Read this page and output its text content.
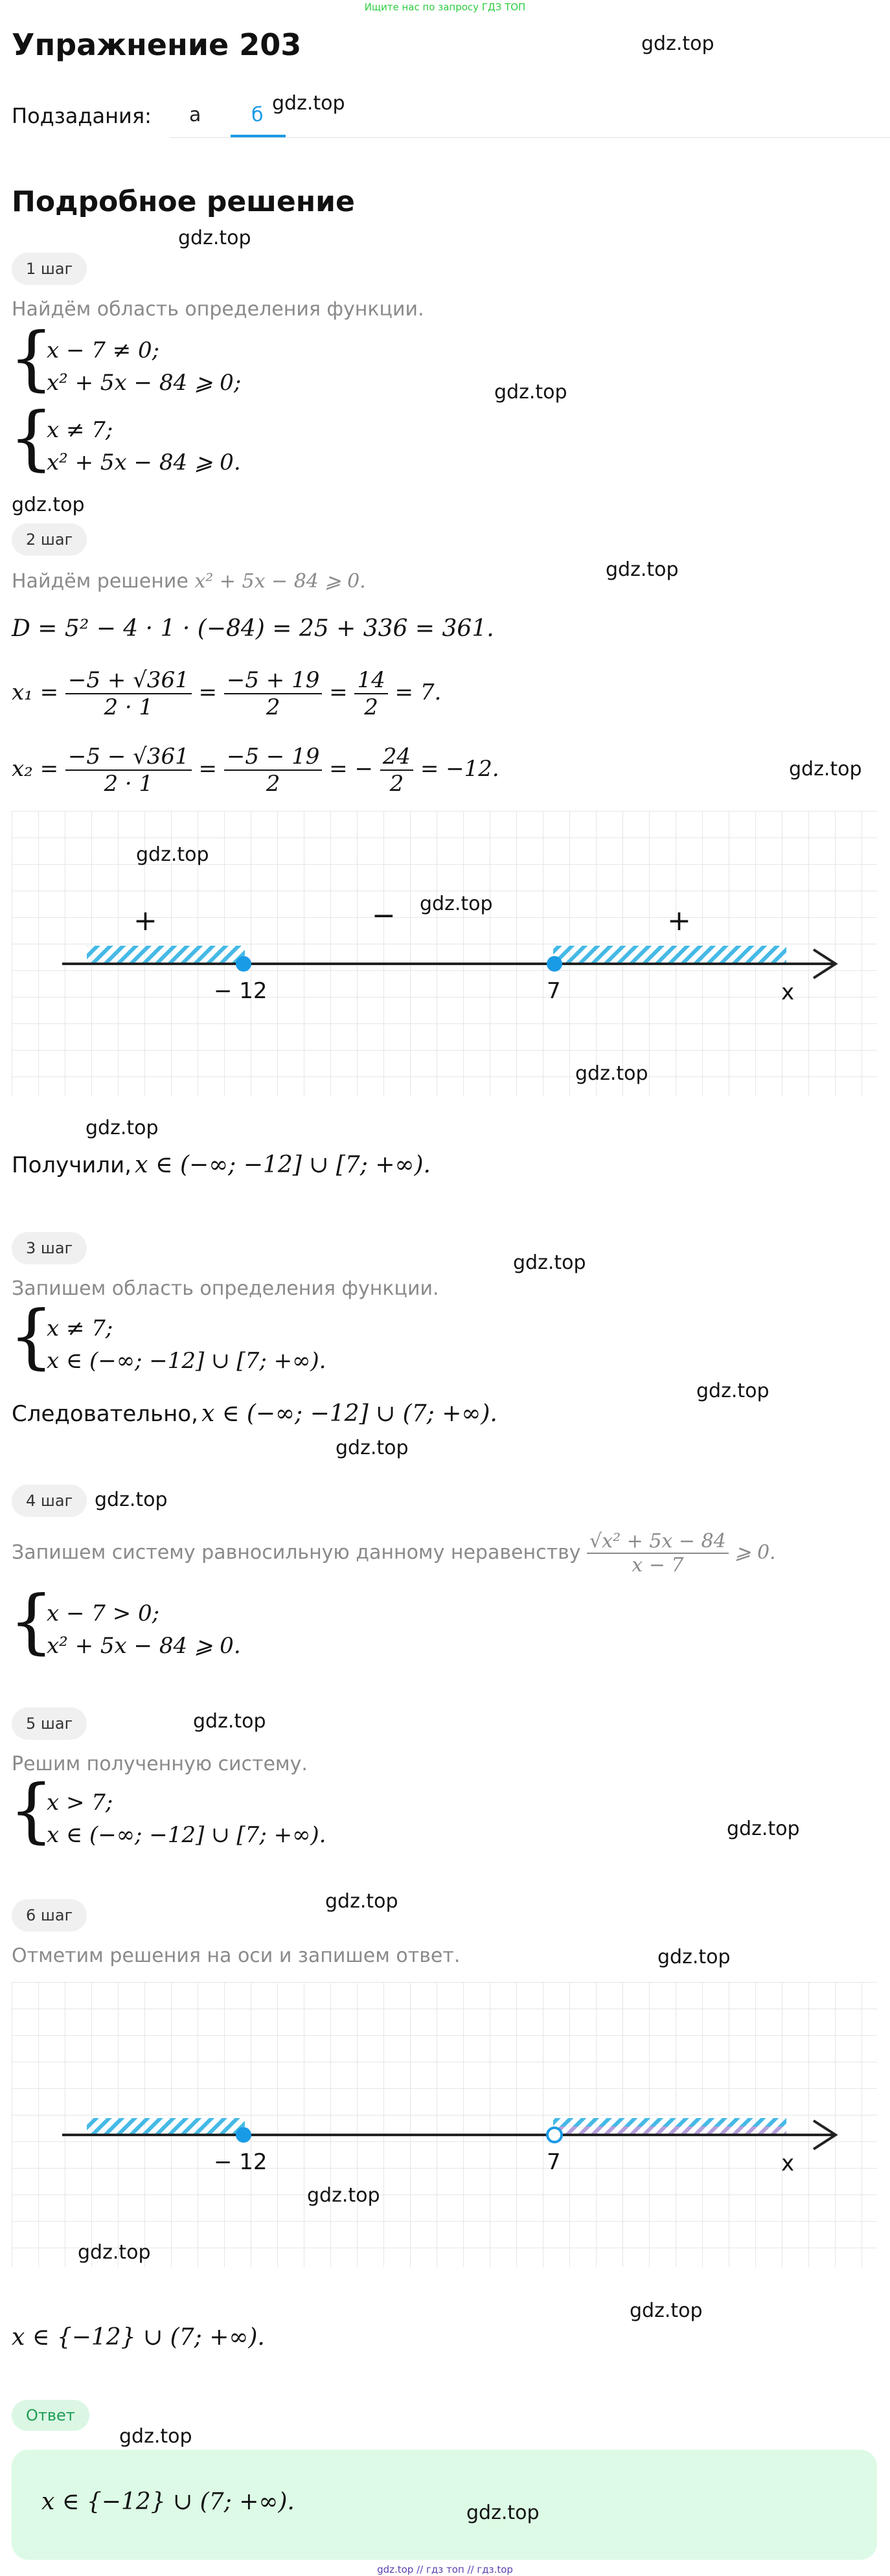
Ищите нас по запросу ГДЗ ТОП
Упражнение 203	gdz.top
Подзадания: а	б
gdz.top
Подробное решение
gdz.top
1 шаг
Найдём область определения функции.
{
x − 7 ≠ 0;
x² + 5x − 84 ⩾ 0;	gdz.top
{
x ≠ 7;
x² + 5x − 84 ⩾ 0.
gdz.top
2 шаг
Найдём решение x² + 5x − 84 ⩾ 0.
gdz.top
D = 5² − 4 · 1 · (−84) = 25 + 336 = 361.
$x_1 = \frac{-5 + √361}{2 \cdot 1} = \frac{-5 + 19}{2} = \frac{14}{2} = 7$.
$x_2 = \frac{-5 - √361}{2 \cdot 1} = \frac{-5 - 19}{2}$ = − $\frac{24}{2} = -12$.	gdz.top
+	−	+
− 12	7	x
gdz.top
gdz.top
gdz.top
gdz.top
Получили, x ∈ (−∞; −12] ∪ [7; +∞).
3 шаг
gdz.top
Запишем область определения функции.
{
x ≠ 7;
x ∈ (−∞; −12] ∪ [7; +∞).
gdz.top
Следовательно, x ∈ (−∞; −12] ∪ (7; +∞).
gdz.top
4 шаг	gdz.top
Запишем систему равносильную данному неравенству $\frac{\text{√x² + 5x − 84}}{x - 7}$ ⩾ 0.
{
x − 7 > 0;
x² + 5x − 84 ⩾ 0.
5 шаг	gdz.top
Решим полученную систему.
{
x > 7;
x ∈ (−∞; −12] ∪ [7; +∞).	gdz.top
6 шаг
gdz.top
Отметим решения на оси и запишем ответ.	gdz.top
− 12	7	x
gdz.top
gdz.top
gdz.top
x ∈ {−12} ∪ (7; +∞).
Ответ
gdz.top
x ∈ {−12} ∪ (7; +∞).	gdz.top
gdz.top // гдз топ // гдз.top
